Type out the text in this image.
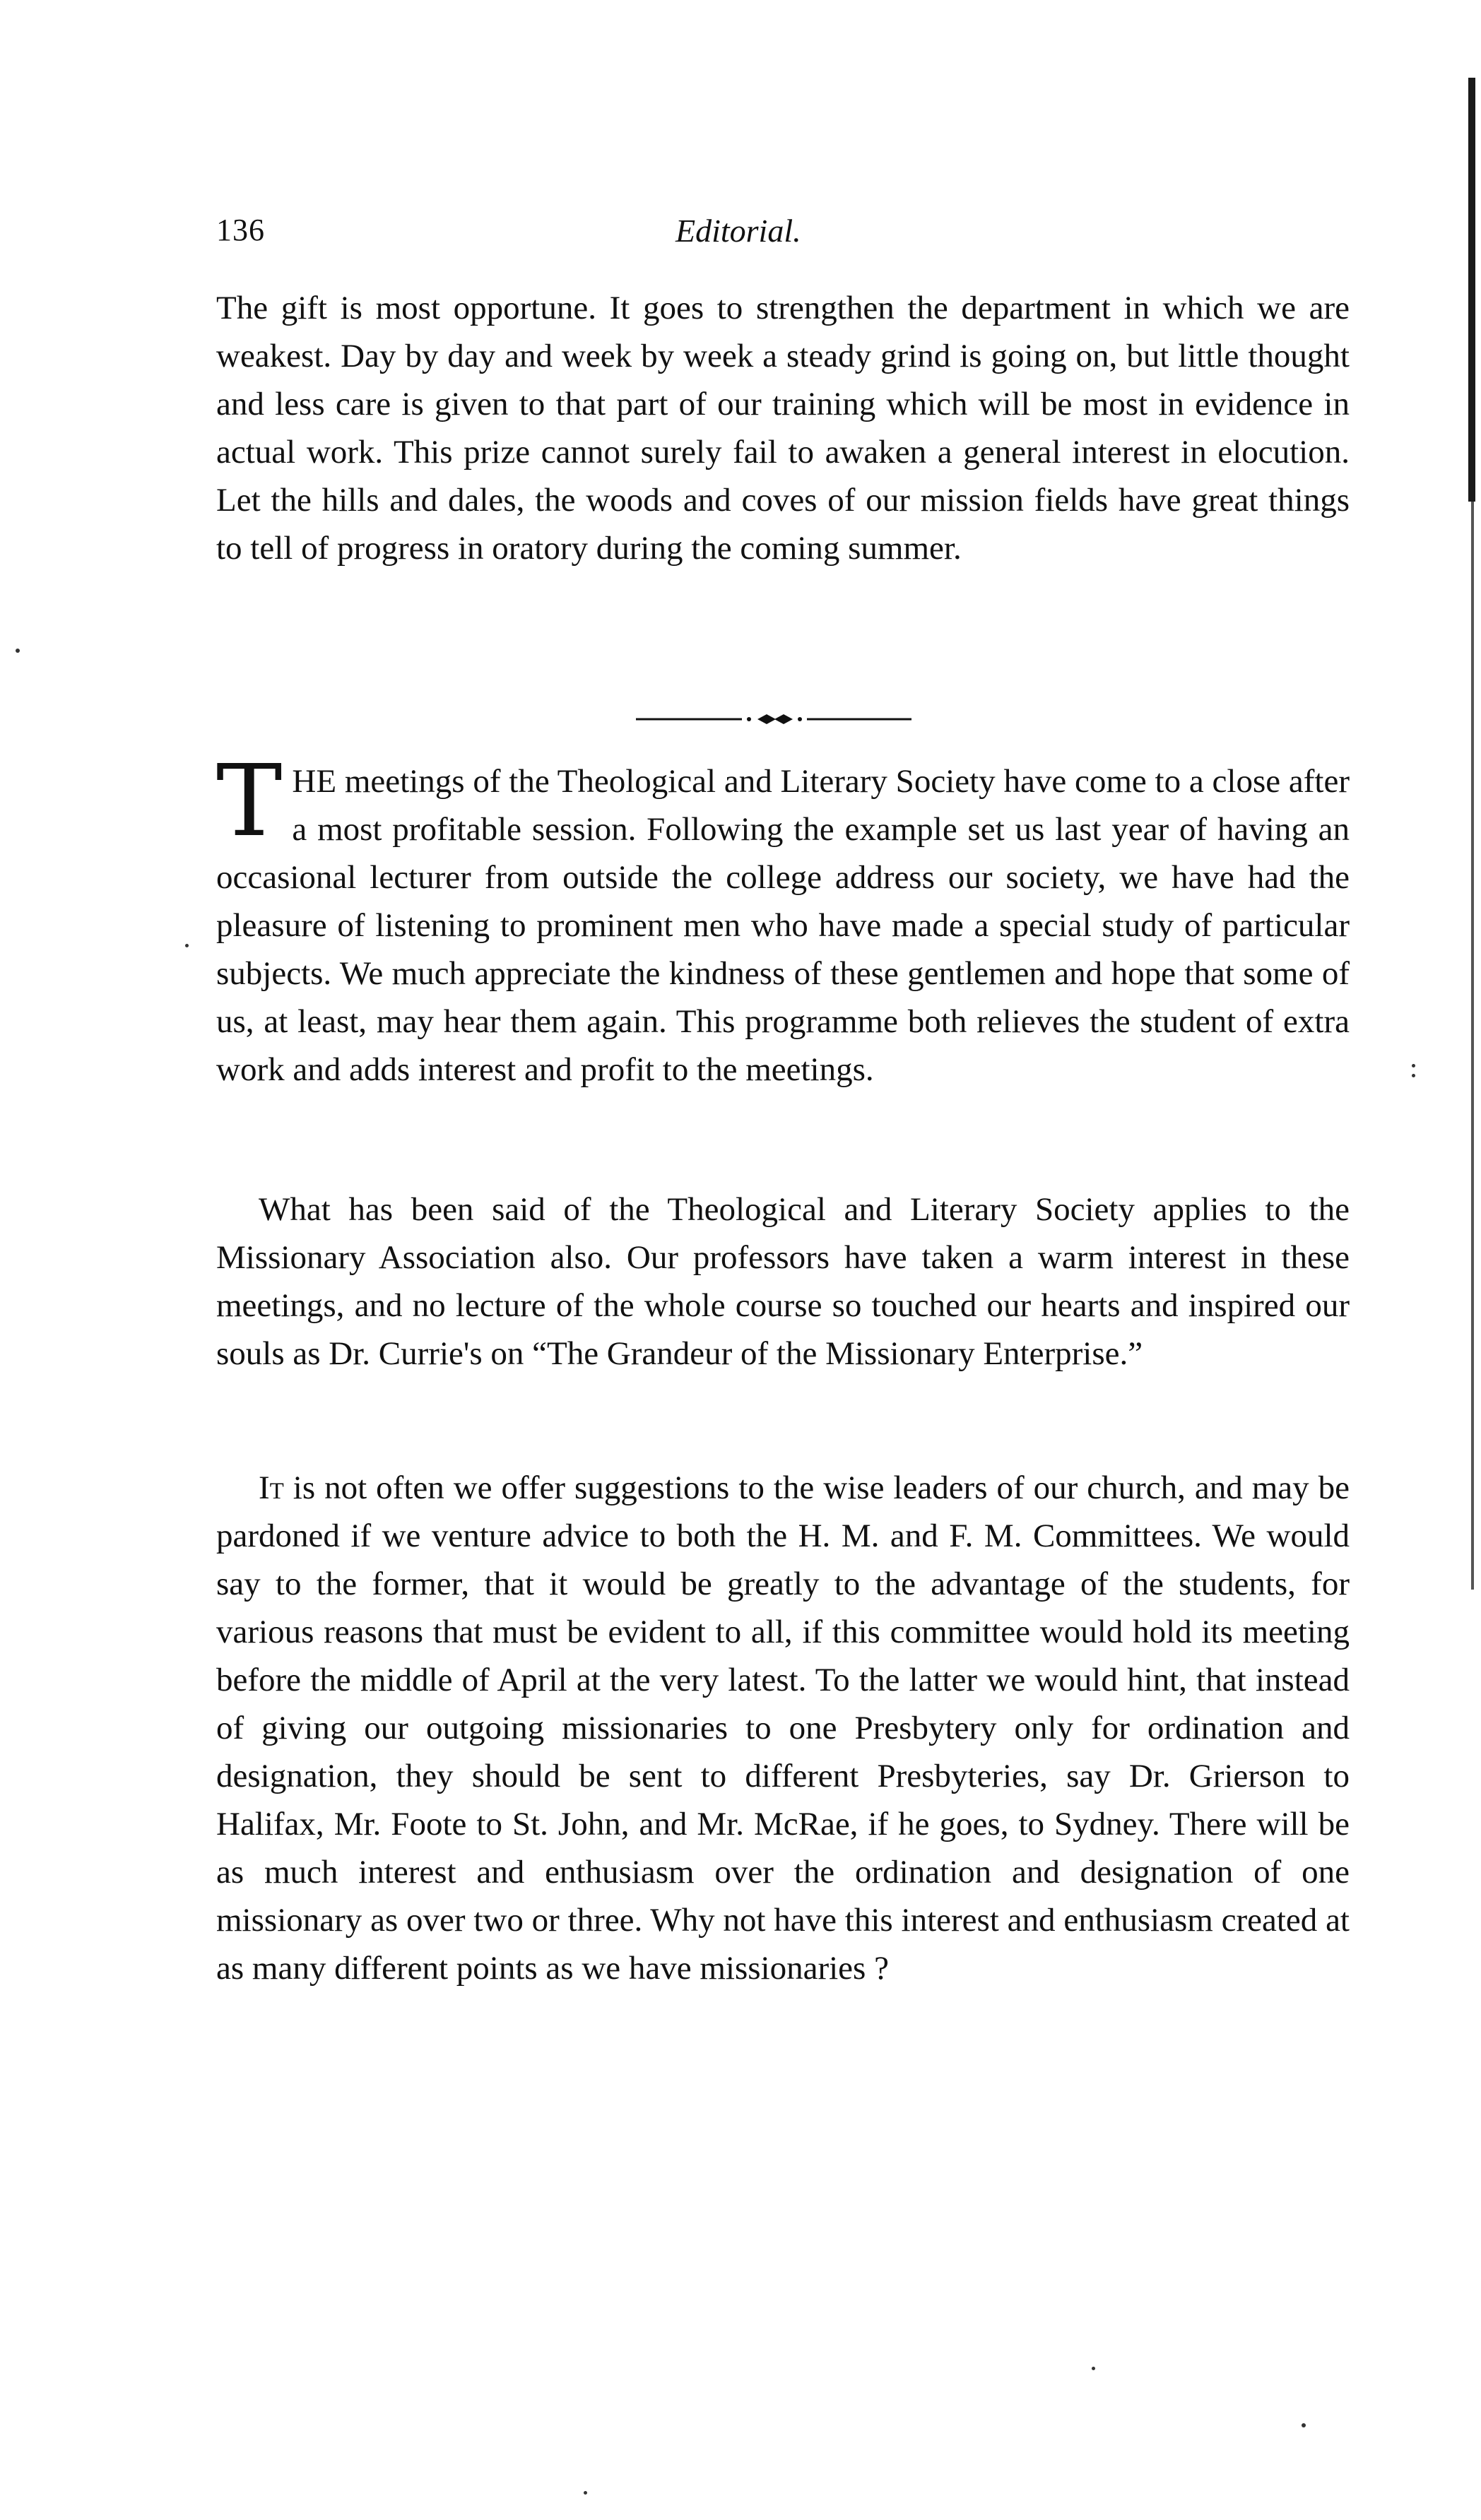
136	Editorial.

The gift is most opportune. It goes to strengthen the department in which we are weakest. Day by day and week by week a steady grind is going on, but little thought and less care is given to that part of our training which will be most in evidence in actual work. This prize cannot surely fail to awaken a general interest in elocution. Let the hills and dales, the woods and coves of our mission fields have great things to tell of progress in oratory during the coming summer.

THE meetings of the Theological and Literary Society have come to a close after a most profitable session. Following the example set us last year of having an occasional lecturer from outside the college address our society, we have had the pleasure of listening to prominent men who have made a special study of particular subjects. We much appreciate the kindness of these gentlemen and hope that some of us, at least, may hear them again. This programme both relieves the student of extra work and adds interest and profit to the meetings.

What has been said of the Theological and Literary Society applies to the Missionary Association also. Our professors have taken a warm interest in these meetings, and no lecture of the whole course so touched our hearts and inspired our souls as Dr. Currie's on “The Grandeur of the Missionary Enterprise.”

It is not often we offer suggestions to the wise leaders of our church, and may be pardoned if we venture advice to both the H. M. and F. M. Committees. We would say to the former, that it would be greatly to the advantage of the students, for various reasons that must be evident to all, if this committee would hold its meeting before the middle of April at the very latest. To the latter we would hint, that instead of giving our outgoing missionaries to one Presbytery only for ordination and designation, they should be sent to different Presbyteries, say Dr. Grierson to Halifax, Mr. Foote to St. John, and Mr. McRae, if he goes, to Sydney. There will be as much interest and enthusiasm over the ordination and designation of one missionary as over two or three. Why not have this interest and enthusiasm created at as many different points as we have missionaries ?
